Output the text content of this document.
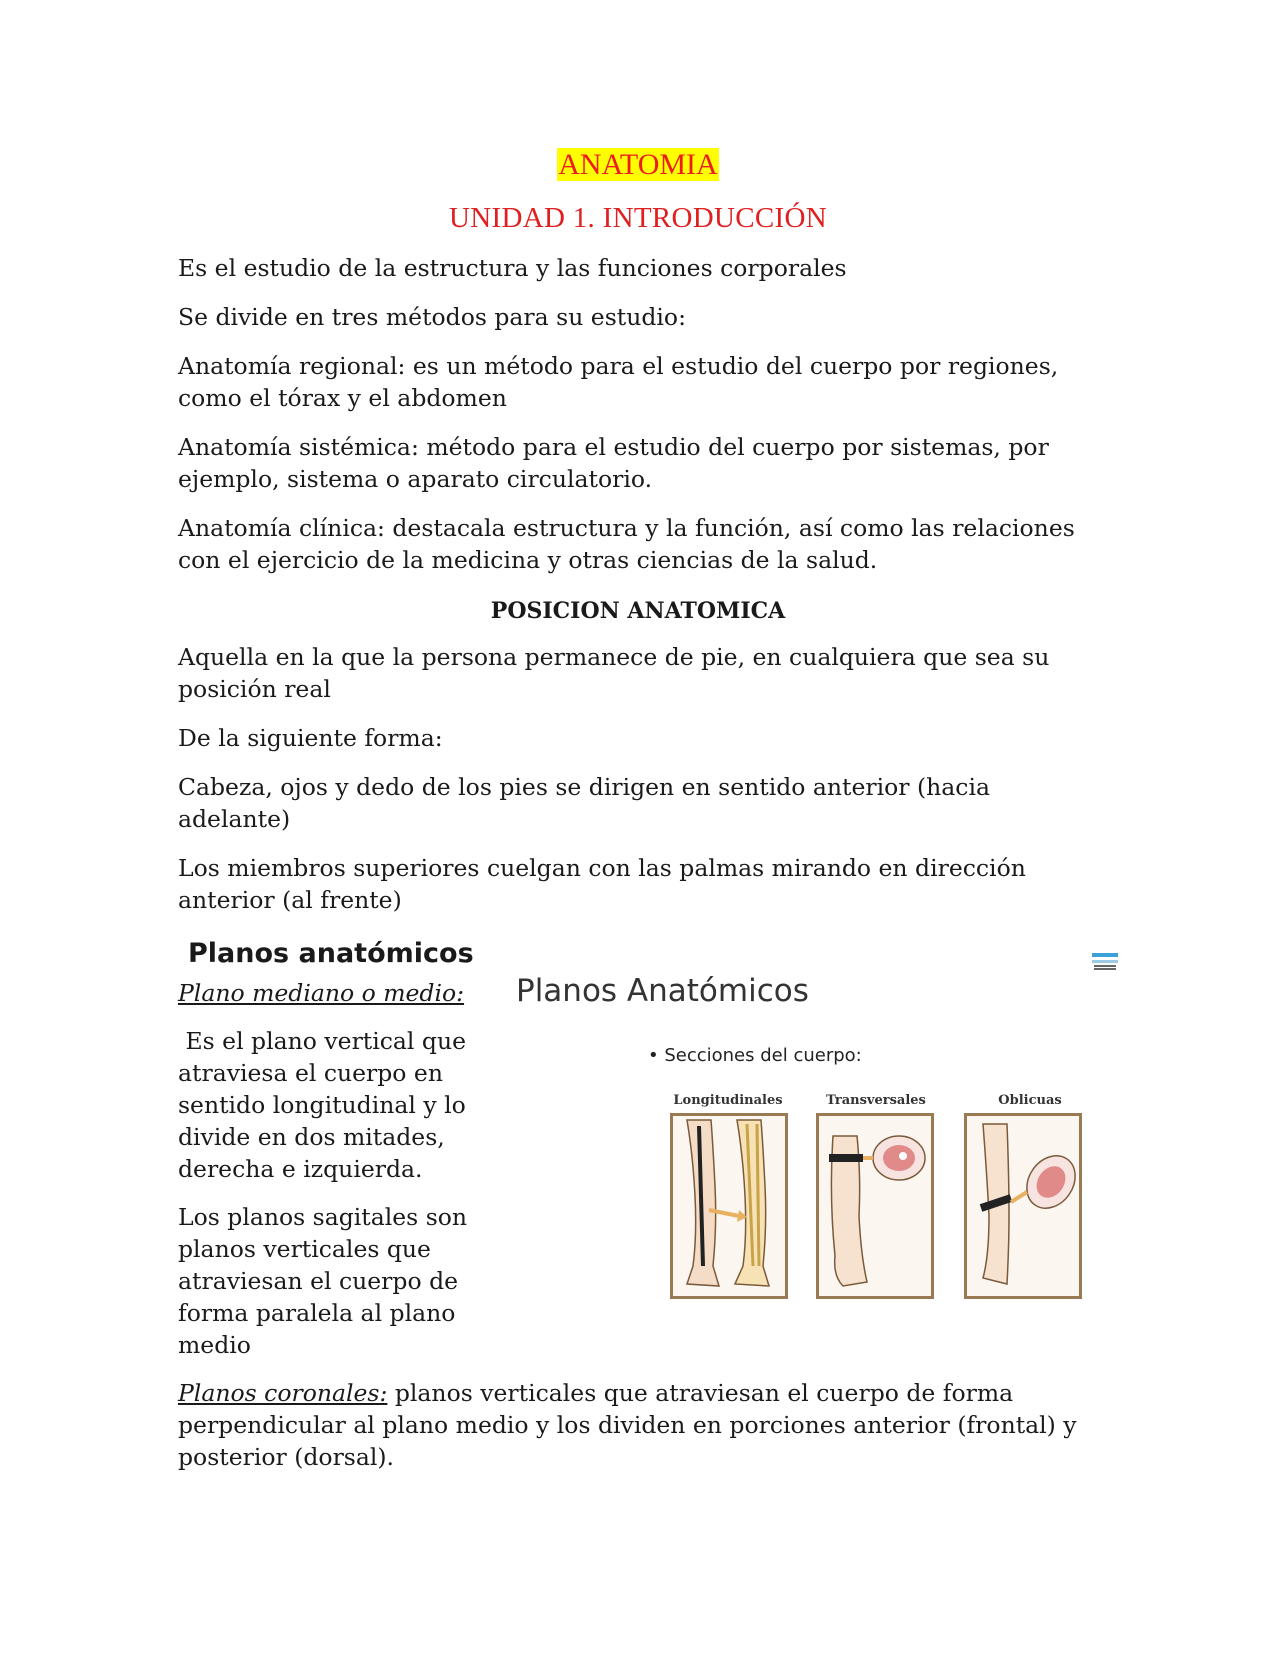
ANATOMIA
UNIDAD 1. INTRODUCCIÓN

Es el estudio de la estructura y las funciones corporales

Se divide en tres métodos para su estudio:

Anatomía regional: es un método para el estudio del cuerpo por regiones, como el tórax y el abdomen

Anatomía sistémica: método para el estudio del cuerpo por sistemas, por ejemplo, sistema o aparato circulatorio.

Anatomía clínica: destacala estructura y la función, así como las relaciones con el ejercicio de la medicina y otras ciencias de la salud.

POSICION ANATOMICA

Aquella en la que la persona permanece de pie, en cualquiera que sea su posición real

De la siguiente forma:

Cabeza, ojos y dedo de los pies se dirigen en sentido anterior (hacia adelante)

Los miembros superiores cuelgan con las palmas mirando en dirección anterior (al frente)

Planos anatómicos

Plano mediano o medio:

Es el plano vertical que atraviesa el cuerpo en sentido longitudinal y lo divide en dos mitades, derecha e izquierda.

Los planos sagitales son planos verticales que atraviesan el cuerpo de forma paralela al plano medio

Planos Anatómicos
• Secciones del cuerpo:
Longitudinales	Transversales	Oblicuas

Planos coronales: planos verticales que atraviesan el cuerpo de forma perpendicular al plano medio y los dividen en porciones anterior (frontal) y posterior (dorsal).
